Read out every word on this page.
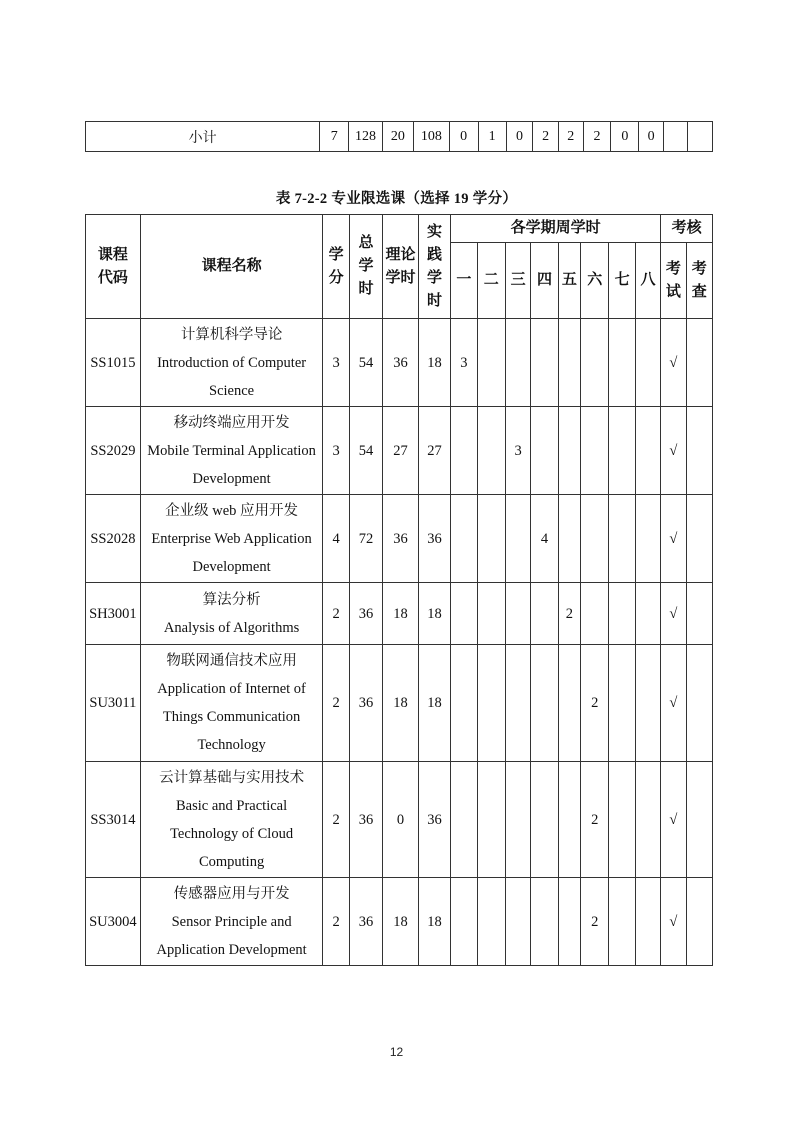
小计	7	128	20	108	0	1	0	2	2	2	0	0		
表 7-2-2 专业限选课（选择 19 学分）
课程代码	课程名称	学分	总学时	理论学时	实践学时	各学期周学时								考核	
						一	二	三	四	五	六	七	八	考试	考查
SS1015	计算机科学导论
Introduction of Computer Science	3	54	36	18	3								√	
SS2029	移动终端应用开发
Mobile Terminal Application Development	3	54	27	27			3						√	
SS2028	企业级 web 应用开发
Enterprise Web Application Development	4	72	36	36				4					√	
SH3001	算法分析
Analysis of Algorithms	2	36	18	18					2				√	
SU3011	物联网通信技术应用
Application of Internet of Things Communication Technology	2	36	18	18						2			√	
SS3014	云计算基础与实用技术
Basic and Practical Technology of Cloud Computing	2	36	0	36						2			√	
SU3004	传感器应用与开发
Sensor Principle and Application Development	2	36	18	18						2			√	
12
